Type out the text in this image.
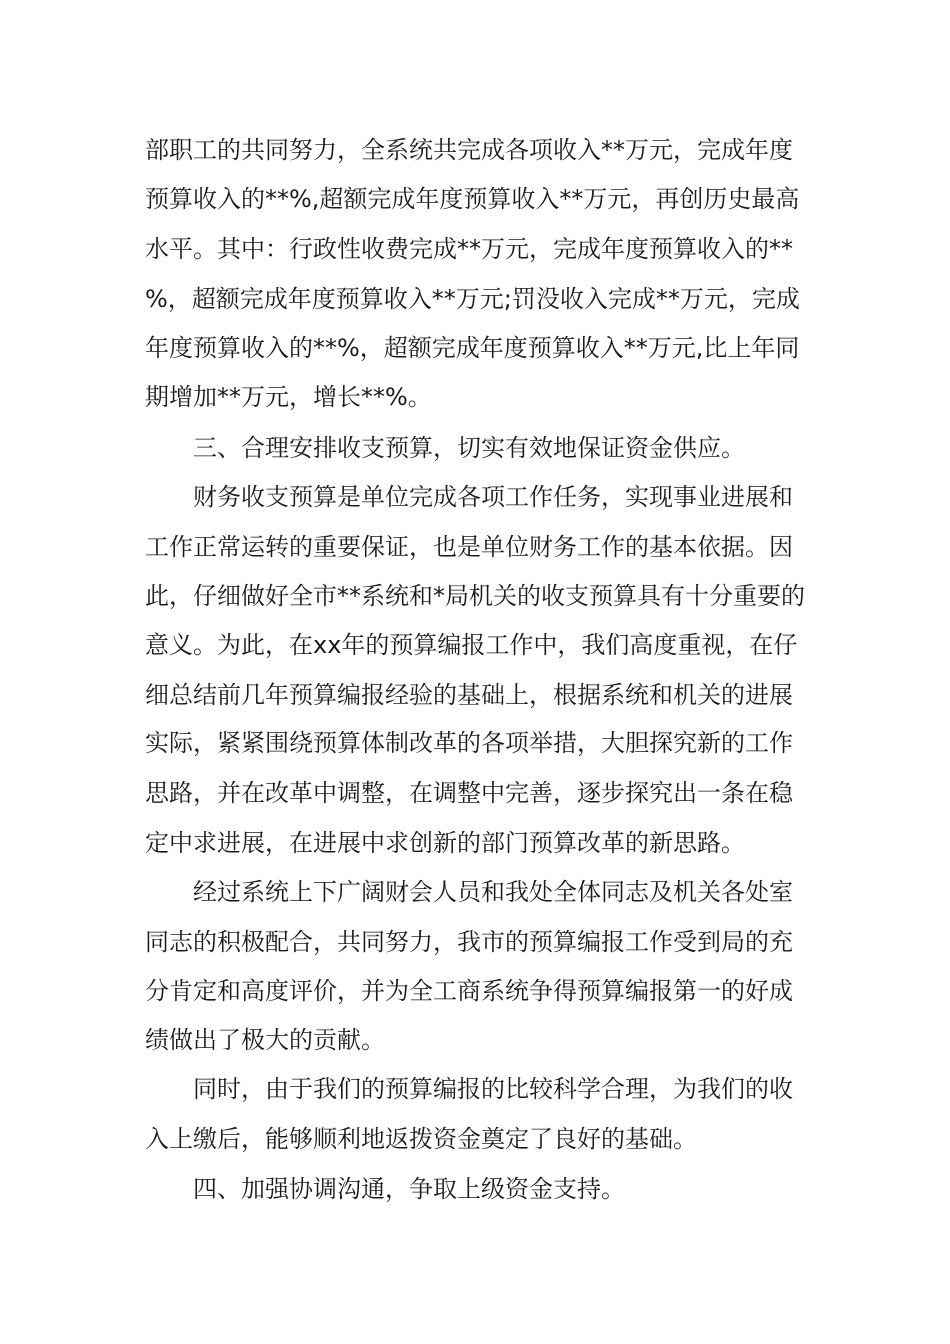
部职工的共同努力，全系统共完成各项收入**万元，完成年度

预算收入的**%,超额完成年度预算收入**万元，再创历史最高

水平。其中：行政性收费完成**万元，完成年度预算收入的**

%，超额完成年度预算收入**万元;罚没收入完成**万元，完成

年度预算收入的**%，超额完成年度预算收入**万元,比上年同

期增加**万元，增长**%。

三、合理安排收支预算，切实有效地保证资金供应。

财务收支预算是单位完成各项工作任务，实现事业进展和

工作正常运转的重要保证，也是单位财务工作的基本依据。因

此，仔细做好全市**系统和*局机关的收支预算具有十分重要的

意义。为此，在xx年的预算编报工作中，我们高度重视，在仔

细总结前几年预算编报经验的基础上，根据系统和机关的进展

实际，紧紧围绕预算体制改革的各项举措，大胆探究新的工作

思路，并在改革中调整，在调整中完善，逐步探究出一条在稳

定中求进展，在进展中求创新的部门预算改革的新思路。

经过系统上下广阔财会人员和我处全体同志及机关各处室

同志的积极配合，共同努力，我市的预算编报工作受到局的充

分肯定和高度评价，并为全工商系统争得预算编报第一的好成

绩做出了极大的贡献。

同时，由于我们的预算编报的比较科学合理，为我们的收

入上缴后，能够顺利地返拨资金奠定了良好的基础。

四、加强协调沟通，争取上级资金支持。
